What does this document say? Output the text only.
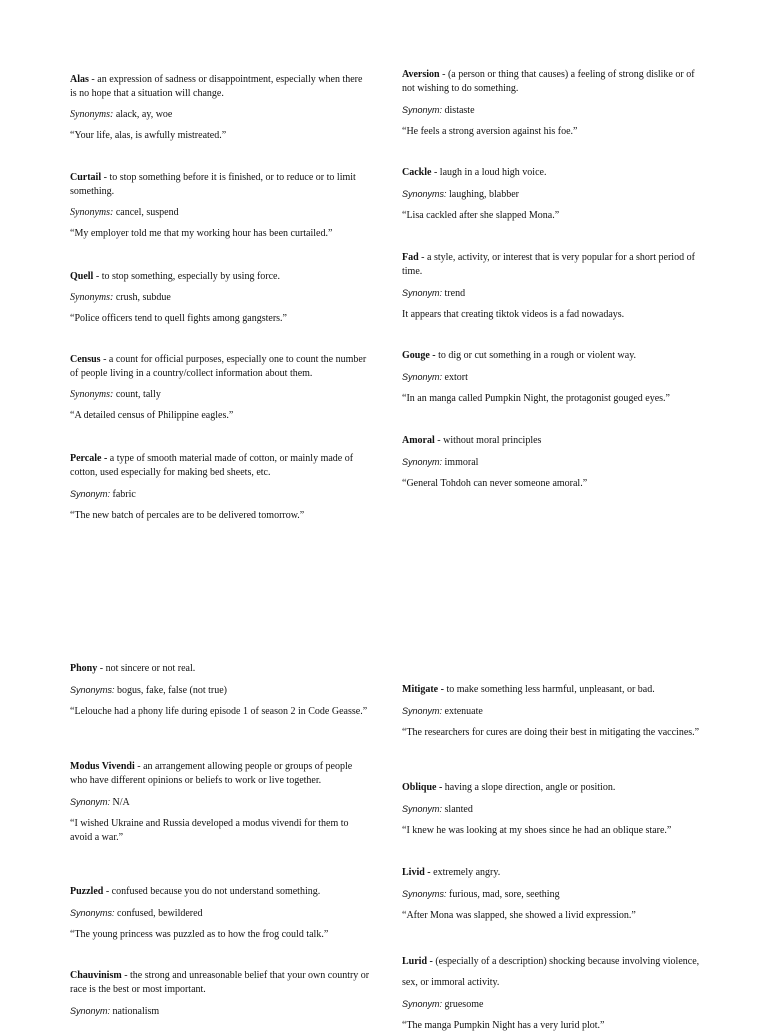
Alas - an expression of sadness or disappointment, especially when there is no hope that a situation will change.

Synonyms: alack, ay, woe

“Your life, alas, is awfully mistreated.”

Curtail - to stop something before it is finished, or to reduce or to limit something.

Synonyms: cancel, suspend

“My employer told me that my working hour has been curtailed.”

Quell - to stop something, especially by using force.

Synonyms: crush, subdue

“Police officers tend to quell fights among gangsters.”

Census - a count for official purposes, especially one to count the number of people living in a country/collect information about them.

Synonyms: count, tally

“A detailed census of Philippine eagles.”

Percale - a type of smooth material made of cotton, or mainly made of cotton, used especially for making bed sheets, etc.

Synonym: fabric

“The new batch of percales are to be delivered tomorrow.”

Aversion - (a person or thing that causes) a feeling of strong dislike or of not wishing to do something.

Synonym: distaste

“He feels a strong aversion against his foe.”

Cackle - laugh in a loud high voice.

Synonyms: laughing, blabber

“Lisa cackled after she slapped Mona.”

Fad - a style, activity, or interest that is very popular for a short period of time.

Synonym: trend

It appears that creating tiktok videos is a fad nowadays.

Gouge - to dig or cut something in a rough or violent way.

Synonym: extort

“In an manga called Pumpkin Night, the protagonist gouged eyes.”

Amoral - without moral principles

Synonym: immoral

“General Tohdoh can never someone amoral.”

Phony - not sincere or not real.

Synonyms: bogus, fake, false (not true)

“Lelouche had a phony life during episode 1 of season 2 in Code Geasse.”

Modus Vivendi - an arrangement allowing people or groups of people who have different opinions or beliefs to work or live together.

Synonym: N/A

“I wished Ukraine and Russia developed a modus vivendi for them to avoid a war.”

Puzzled - confused because you do not understand something.

Synonyms: confused, bewildered

“The young princess was puzzled as to how the frog could talk.”

Chauvinism - the strong and unreasonable belief that your own country or race is the best or most important.

Synonym: nationalism

Mitigate - to make something less harmful, unpleasant, or bad.

Synonym: extenuate

“The researchers for cures are doing their best in mitigating the vaccines.”

Oblique - having a slope direction, angle or position.

Synonym: slanted

“I knew he was looking at my shoes since he had an oblique stare.”

Livid - extremely angry.

Synonyms: furious, mad, sore, seething

“After Mona was slapped, she showed a livid expression.”

Lurid - (especially of a description) shocking because involving violence, sex, or immoral activity.

Synonym: gruesome

“The manga Pumpkin Night has a very lurid plot.”
